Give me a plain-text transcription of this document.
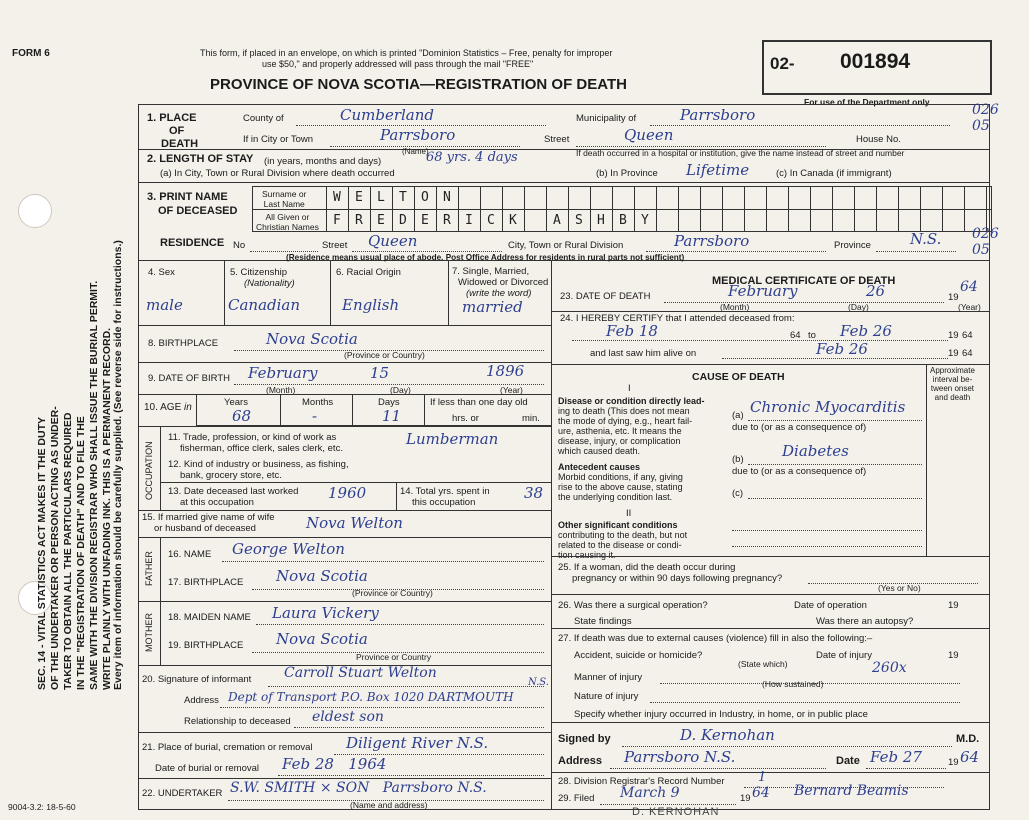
FORM 6	This form, if placed in an envelope, on which is printed "Dominion Statistics – Free, penalty for improper
use $50," and properly addressed will pass through the mail "FREE"
PROVINCE OF NOVA SCOTIA—REGISTRATION OF DEATH
02- 001894
For use of the Department only
SEC. 14 - VITAL STATISTICS ACT MAKES IT THE DUTY OF THE UNDERTAKER OR PERSON ACTING AS UNDER- TAKER TO OBTAIN ALL THE PARTICULARS REQUIRED IN THE "REGISTRATION OF DEATH" AND TO FILE THE SAME WITH THE DIVISION REGISTRAR WHO SHALL ISSUE THE BURIAL PERMIT. WRITE PLAINLY WITH UNFADING INK. THIS IS A PERMANENT RECORD. Every item of information should be carefully supplied. (See reverse side for instructions.)
1. PLACE
OF
DEATH
County of	Cumberland	Municipality of	Parrsboro	026
05
If in City or Town	Parrsboro
(Name)
Street	Queen	House No.
If death occurred in a hospital or institution, give the name instead of street and number
2. LENGTH OF STAY (in years, months and days)	68 yrs. 4 days
(a) In City, Town or Rural Division where death occurred	(b) In Province Lifetime	(c) In Canada (if immigrant)
3. PRINT NAME
OF DECEASED
Surname or
Last Name
All Given or
Christian Names
W E L T O N
F R E D E R I C K	A S H B Y
RESIDENCE No	Street Queen	City, Town or Rural Division	Parrsboro	Province	N.S. 026
05
(Residence means usual place of abode. Post Office Address for residents in rural parts not sufficient)
4. Sex
male
5. Citizenship
(Nationality)
Canadian
6. Racial Origin
English
7. Single, Married,
Widowed or Divorced
(write the word)
married
8. BIRTHPLACE	Nova Scotia
(Province or Country)
9. DATE OF BIRTH February	15	1896
(Month)	(Day)	(Year)
10. AGE in	Years
68
Months
-
Days
11
If less than one day old
hrs. or	min.
OCCUPATION
11. Trade, profession, or kind of work as
fisherman, office clerk, sales clerk, etc.
Lumberman
12. Kind of industry or business, as fishing,
bank, grocery store, etc.
13. Date deceased last worked
at this occupation
1960	14. Total yrs. spent in
this occupation
38
15. If married give name of wife
or husband of deceased	Nova Welton
FATHER 16. NAME George Welton
17. BIRTHPLACE Nova Scotia
(Province or Country)
MOTHER 18. MAIDEN NAME Laura Vickery
19. BIRTHPLACE Nova Scotia
Province or Country
20. Signature of informant Carroll Stuart Welton
Address Dept of Transport P.O. Box 1020 DARTMOUTH
N.S.
Relationship to deceased eldest son
21. Place of burial, cremation or removal Diligent River N.S.
Date of burial or removal Feb 28   1964
22. UNDERTAKER S.W. SMITH × SON   Parrsboro N.S.
(Name and address)
MEDICAL CERTIFICATE OF DEATH
23. DATE OF DEATH	February	26	19
64
(Month)	(Day)	(Year)
24. I HEREBY CERTIFY that I attended deceased from:
Feb 18	64 to Feb 26	19 64
and last saw him alive on	Feb 26	19 64
CAUSE OF DEATH
Approximate
interval be-
tween onset
and death
I
Disease or condition directly lead-
ing to death (This does not mean
the mode of dying, e.g., heart fail-
ure, asthenia, etc. It means the
disease, injury, or complication
which caused death.
(a) Chronic Myocarditis
due to (or as a consequence of)
Antecedent causes
Morbid conditions, if any, giving
rise to the above cause, stating
the underlying condition last.
(b)	Diabetes
due to (or as a consequence of)
(c)
II
Other significant conditions
contributing to the death, but not
related to the disease or condi-
tion causing it.
25. If a woman, did the death occur during
pregnancy or within 90 days following pregnancy?
(Yes or No)
26. Was there a surgical operation?	Date of operation	19
State findings	Was there an autopsy?
27. If death was due to external causes (violence) fill in also the following:–
Accident, suicide or homicide?
(State which)
Date of injury	19
Manner of injury
260x
(How sustained)
Nature of injury
Specify whether injury occurred in Industry, in home, or in public place
Signed by	D. Kernohan	M.D.
Address Parrsboro N.S.	Date Feb 27	19 64
28. Division Registrar's Record Number	1
29. Filed March 9	19 64 Bernard Beamis
D. KERNOHAN
9004-3.2: 18-5-60
